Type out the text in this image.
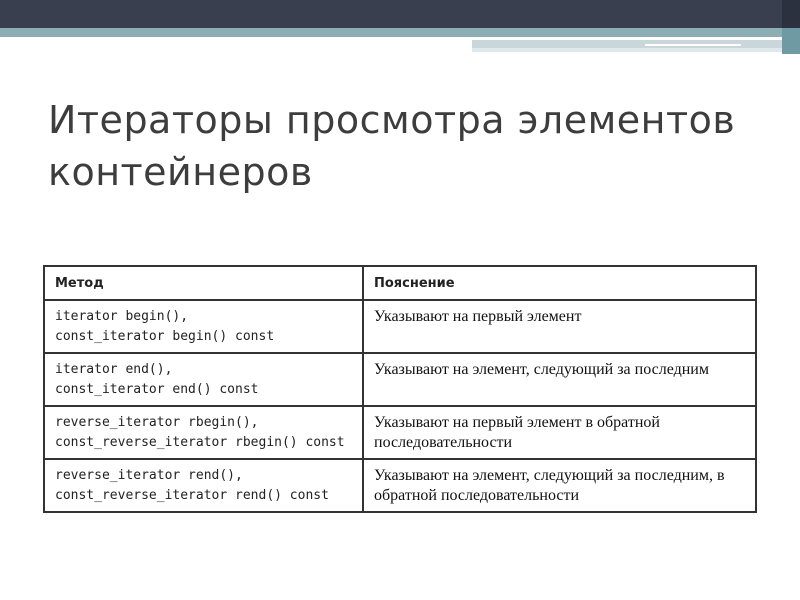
Итераторы просмотра элементов контейнеров
Метод	Пояснение
iterator begin(),
const_iterator begin() const	Указывают на первый элемент
iterator end(),
const_iterator end() const	Указывают на элемент, следующий за последним
reverse_iterator rbegin(),
const_reverse_iterator rbegin() const	Указывают на первый элемент в обратной последовательности
reverse_iterator rend(),
const_reverse_iterator rend() const	Указывают на элемент, следующий за последним, в обратной последовательности
